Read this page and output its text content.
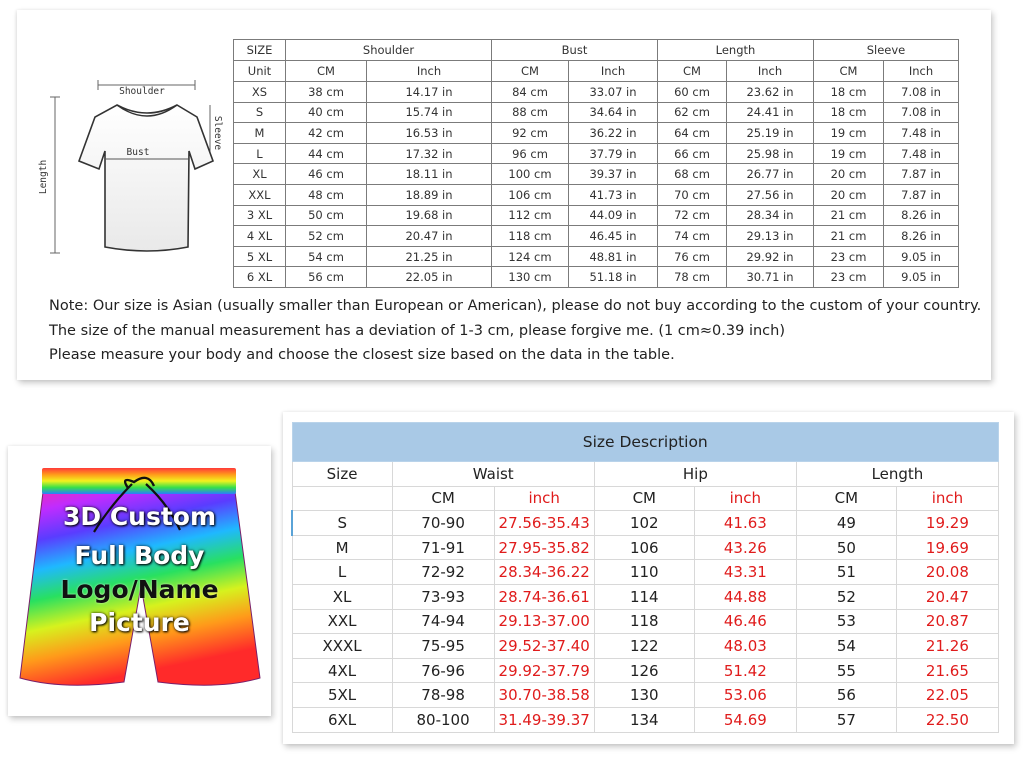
Shoulder
Bust
Sleeve
Length
SIZE	Shoulder		Bust		Length		Sleeve	
Unit	CM	Inch	CM	Inch	CM	Inch	CM	Inch
XS	38 cm	14.17 in	84 cm	33.07 in	60 cm	23.62 in	18 cm	7.08 in
S	40 cm	15.74 in	88 cm	34.64 in	62 cm	24.41 in	18 cm	7.08 in
M	42 cm	16.53 in	92 cm	36.22 in	64 cm	25.19 in	19 cm	7.48 in
L	44 cm	17.32 in	96 cm	37.79 in	66 cm	25.98 in	19 cm	7.48 in
XL	46 cm	18.11 in	100 cm	39.37 in	68 cm	26.77 in	20 cm	7.87 in
XXL	48 cm	18.89 in	106 cm	41.73 in	70 cm	27.56 in	20 cm	7.87 in
3 XL	50 cm	19.68 in	112 cm	44.09 in	72 cm	28.34 in	21 cm	8.26 in
4 XL	52 cm	20.47 in	118 cm	46.45 in	74 cm	29.13 in	21 cm	8.26 in
5 XL	54 cm	21.25 in	124 cm	48.81 in	76 cm	29.92 in	23 cm	9.05 in
6 XL	56 cm	22.05 in	130 cm	51.18 in	78 cm	30.71 in	23 cm	9.05 in
Note: Our size is Asian (usually smaller than European or American), please do not buy according to the custom of your country.
The size of the manual measurement has a deviation of 1-3 cm, please forgive me. (1 cm≈0.39 inch)
Please measure your body and choose the closest size based on the data in the table.
3D Custom
Full Body
Logo/Name
Picture
Size Description						
Size	Waist		Hip		Length	
	CM	inch	CM	inch	CM	inch
S	70-90	27.56-35.43	102	41.63	49	19.29
M	71-91	27.95-35.82	106	43.26	50	19.69
L	72-92	28.34-36.22	110	43.31	51	20.08
XL	73-93	28.74-36.61	114	44.88	52	20.47
XXL	74-94	29.13-37.00	118	46.46	53	20.87
XXXL	75-95	29.52-37.40	122	48.03	54	21.26
4XL	76-96	29.92-37.79	126	51.42	55	21.65
5XL	78-98	30.70-38.58	130	53.06	56	22.05
6XL	80-100	31.49-39.37	134	54.69	57	22.50
